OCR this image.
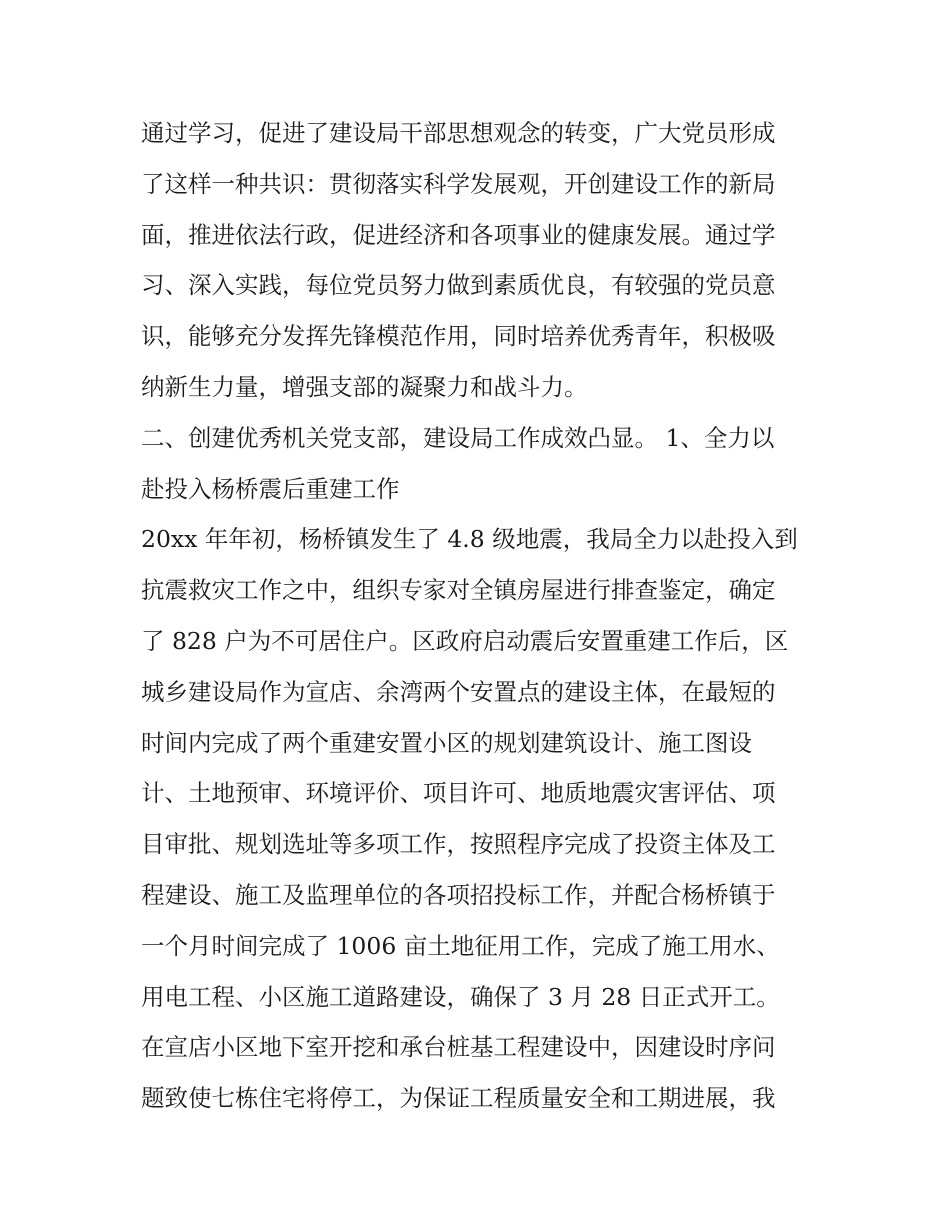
通过学习，促进了建设局干部思想观念的转变，广大党员形成
了这样一种共识：贯彻落实科学发展观，开创建设工作的新局
面，推进依法行政，促进经济和各项事业的健康发展。通过学
习、深入实践，每位党员努力做到素质优良，有较强的党员意
识，能够充分发挥先锋模范作用，同时培养优秀青年，积极吸
纳新生力量，增强支部的凝聚力和战斗力。
二、创建优秀机关党支部，建设局工作成效凸显。 1、全力以
赴投入杨桥震后重建工作
20xx 年年初，杨桥镇发生了 4.8 级地震，我局全力以赴投入到
抗震救灾工作之中，组织专家对全镇房屋进行排查鉴定，确定
了 828 户为不可居住户。区政府启动震后安置重建工作后，区
城乡建设局作为宣店、余湾两个安置点的建设主体，在最短的
时间内完成了两个重建安置小区的规划建筑设计、施工图设
计、土地预审、环境评价、项目许可、地质地震灾害评估、项
目审批、规划选址等多项工作，按照程序完成了投资主体及工
程建设、施工及监理单位的各项招投标工作，并配合杨桥镇于
一个月时间完成了 1006 亩土地征用工作，完成了施工用水、
用电工程、小区施工道路建设，确保了 3 月 28 日正式开工。
在宣店小区地下室开挖和承台桩基工程建设中，因建设时序问
题致使七栋住宅将停工，为保证工程质量安全和工期进展，我
